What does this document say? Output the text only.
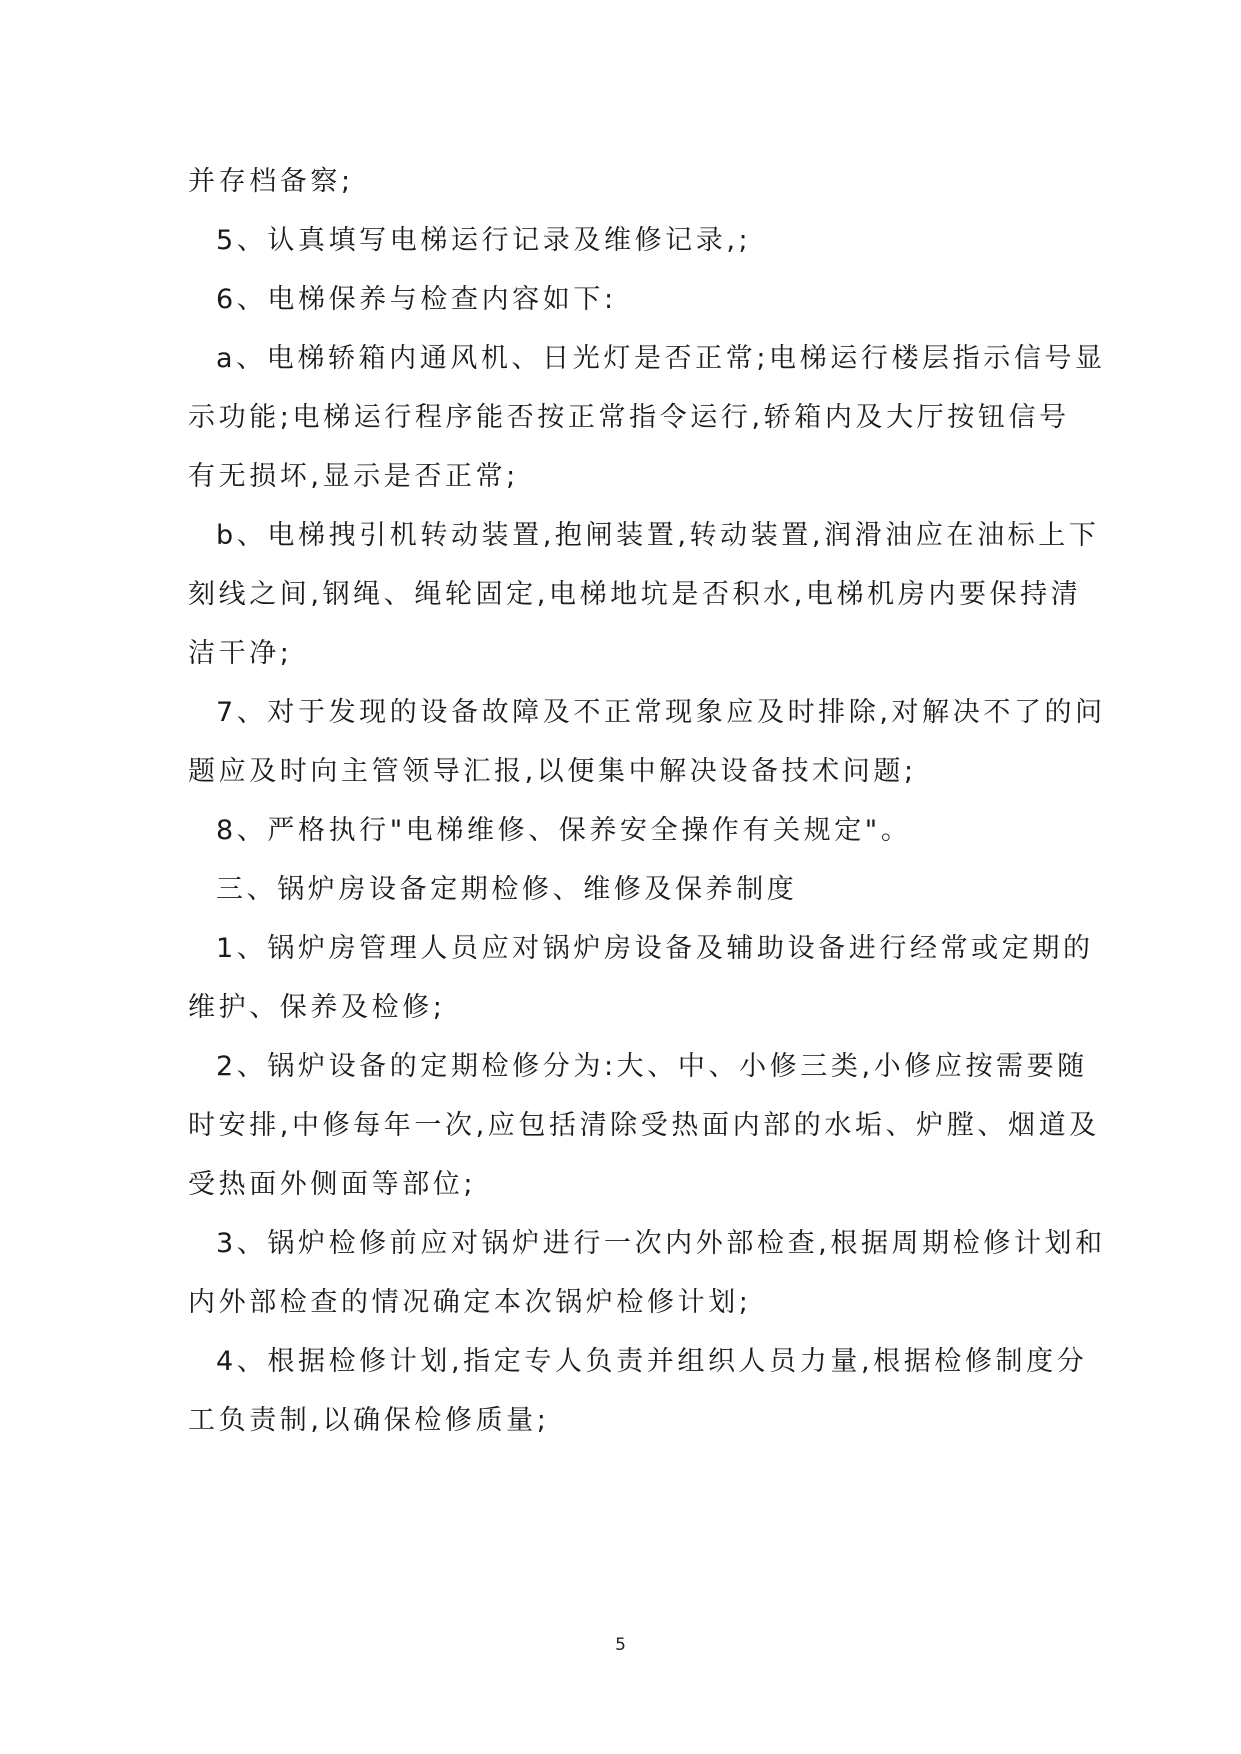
并存档备察;
5、认真填写电梯运行记录及维修记录,;
6、电梯保养与检查内容如下:
a、电梯轿箱内通风机、日光灯是否正常;电梯运行楼层指示信号显
示功能;电梯运行程序能否按正常指令运行,轿箱内及大厅按钮信号
有无损坏,显示是否正常;
b、电梯拽引机转动装置,抱闸装置,转动装置,润滑油应在油标上下
刻线之间,钢绳、绳轮固定,电梯地坑是否积水,电梯机房内要保持清
洁干净;
7、对于发现的设备故障及不正常现象应及时排除,对解决不了的问
题应及时向主管领导汇报,以便集中解决设备技术问题;
8、严格执行"电梯维修、保养安全操作有关规定"。
三、锅炉房设备定期检修、维修及保养制度
1、锅炉房管理人员应对锅炉房设备及辅助设备进行经常或定期的
维护、保养及检修;
2、锅炉设备的定期检修分为:大、中、小修三类,小修应按需要随
时安排,中修每年一次,应包括清除受热面内部的水垢、炉膛、烟道及
受热面外侧面等部位;
3、锅炉检修前应对锅炉进行一次内外部检查,根据周期检修计划和
内外部检查的情况确定本次锅炉检修计划;
4、根据检修计划,指定专人负责并组织人员力量,根据检修制度分
工负责制,以确保检修质量;
5
